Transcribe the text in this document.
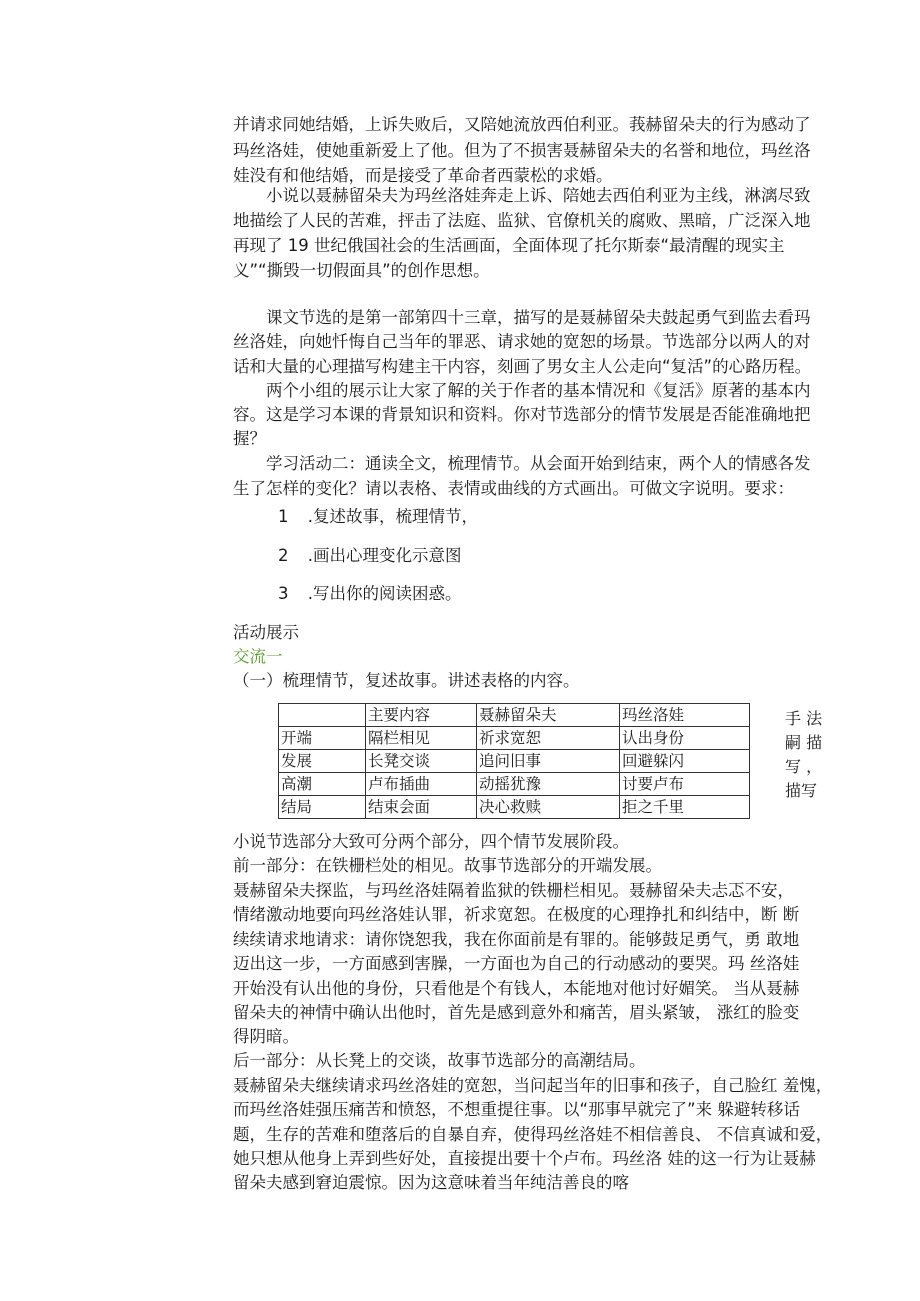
并请求同她结婚，上诉失败后，又陪她流放西伯利亚。莪赫留朵夫的行为感动了
玛丝洛娃，使她重新爱上了他。但为了不损害聂赫留朵夫的名誉和地位，玛丝洛
娃没有和他结婚，而是接受了革命者西蒙松的求婚。
　　小说以聂赫留朵夫为玛丝洛娃奔走上诉、陪她去西伯利亚为主线，淋漓尽致
地描绘了人民的苦难，抨击了法庭、监狱、官僚机关的腐败、黑暗，广泛深入地
再现了 19 世纪俄国社会的生活画面，全面体现了托尔斯泰“最清醒的现实主
义”“撕毁一切假面具”的创作思想。
　　课文节选的是第一部第四十三章，描写的是聂赫留朵夫鼓起勇气到监去看玛
丝洛娃，向她忏悔自己当年的罪恶、请求她的宽恕的场景。节选部分以两人的对
话和大量的心理描写构建主干内容，刻画了男女主人公走向“复活”的心路历程。
　　两个小组的展示让大家了解的关于作者的基本情况和《复活》原著的基本内
容。这是学习本课的背景知识和资料。你对节选部分的情节发展是否能准确地把
握？
　　学习活动二：通读全文，梳理情节。从会面开始到结束，两个人的情感各发
生了怎样的变化？请以表格、表情或曲线的方式画出。可做文字说明。要求：
1 .复述故事，梳理情节，
2 .画出心理变化示意图
3 .写出你的阅读困惑。
活动展示
交流一
（一）梳理情节，复述故事。讲述表格的内容。
	主要内容	聂赫留朵夫	玛丝洛娃
开端	隔栏相见	祈求宽恕	认出身份
发展	长凳交谈	追问旧事	回避躲闪
高潮	卢布插曲	动摇犹豫	讨要卢布
结局	结束会面	决心救赎	拒之千里
手 法
嗣 描
写 ，
描写
小说节选部分大致可分两个部分，四个情节发展阶段。
前一部分：在铁栅栏处的相见。故事节选部分的开端发展。
聂赫留朵夫探监，与玛丝洛娃隔着监狱的铁栅栏相见。聂赫留朵夫忐忑不安，
情绪激动地要向玛丝洛娃认罪，祈求宽恕。在极度的心理挣扎和纠结中，断 断
续续请求地请求：请你饶恕我，我在你面前是有罪的。能够鼓足勇气，勇 敢地
迈出这一步，一方面感到害臊，一方面也为自己的行动感动的要哭。玛 丝洛娃
开始没有认出他的身份，只看他是个有钱人，本能地对他讨好媚笑。 当从聂赫
留朵夫的神情中确认出他时，首先是感到意外和痛苦，眉头紧皱， 涨红的脸变
得阴暗。
后一部分：从长凳上的交谈，故事节选部分的高潮结局。
聂赫留朵夫继续请求玛丝洛娃的宽恕，当问起当年的旧事和孩子，自己脸红 羞愧，
而玛丝洛娃强压痛苦和愤怒，不想重提往事。以“那事早就完了”来 躲避转移话
题，生存的苦难和堕落后的自暴自弃，使得玛丝洛娃不相信善良、 不信真诚和爱，
她只想从他身上弄到些好处，直接提出要十个卢布。玛丝洛 娃的这一行为让聂赫
留朵夫感到窘迫震惊。因为这意味着当年纯洁善良的喀
